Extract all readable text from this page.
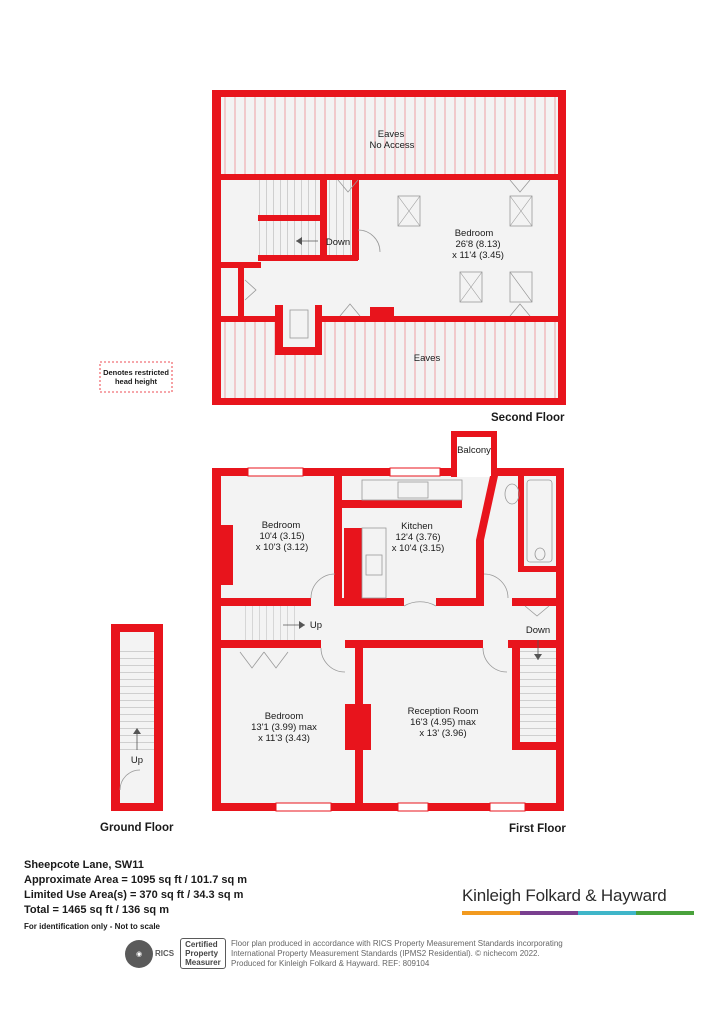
Eaves
No Access
Bedroom
26'8 (8.13)
x 11'4 (3.45)
Down
Eaves
Second Floor
Denotes restricted
head height
Bedroom
10'4 (3.15)
x 10'3 (3.12)
Kitchen
12'4 (3.76)
x 10'4 (3.15)
Balcony
Up	Down
Bedroom
13'1 (3.99) max
x 11'3 (3.43)
Reception Room
16'3 (4.95) max
x 13' (3.96)
First Floor
Up
Ground Floor
Sheepcote Lane, SW11
Approximate Area = 1095 sq ft / 101.7 sq m
Limited Use Area(s) = 370 sq ft / 34.3 sq m
Total = 1465 sq ft / 136 sq m
For identification only - Not to scale
Kinleigh Folkard & Hayward
◉	RICS
Certified
Property
Measurer
Floor plan produced in accordance with RICS Property Measurement Standards incorporating
International Property Measurement Standards (IPMS2 Residential). © nichecom 2022.
Produced for Kinleigh Folkard & Hayward. REF: 809104
